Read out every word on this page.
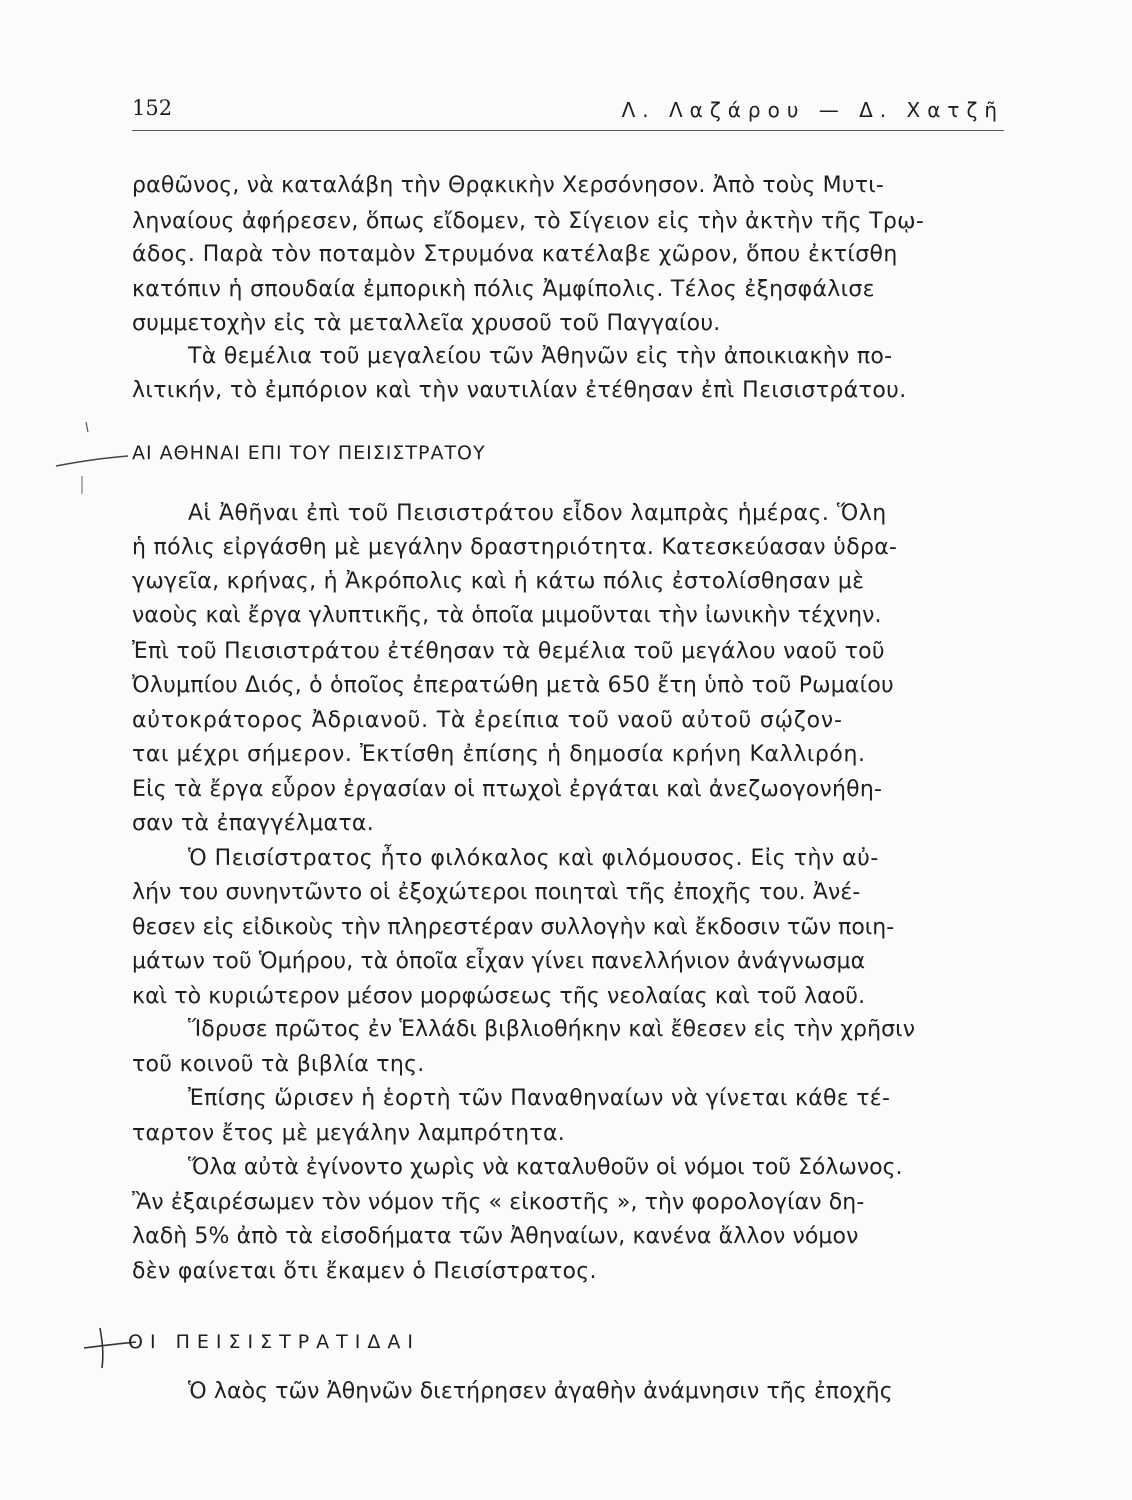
152	Λ. Λαζάρου — Δ. Χατζῆ
ραθῶνος, νὰ καταλάβη τὴν Θρᾳκικὴν Χερσόνησον. Ἀπὸ τοὺς Μυτι-
ληναίους ἀφήρεσεν, ὅπως εἴδομεν, τὸ Σίγειον εἰς τὴν ἀκτὴν τῆς Τρῳ-
άδος. Παρὰ τὸν ποταμὸν Στρυμόνα κατέλαβε χῶρον, ὅπου ἐκτίσθη
κατόπιν ἡ σπουδαία ἐμπορικὴ πόλις Ἀμφίπολις. Τέλος ἐξησφάλισε
συμμετοχὴν εἰς τὰ μεταλλεῖα χρυσοῦ τοῦ Παγγαίου.
Τὰ θεμέλια τοῦ μεγαλείου τῶν Ἀθηνῶν εἰς τὴν ἀποικιακὴν πο-
λιτικήν, τὸ ἐμπόριον καὶ τὴν ναυτιλίαν ἐτέθησαν ἐπὶ Πεισιστράτου.
ΑΙ ΑΘΗΝΑΙ ΕΠΙ ΤΟΥ ΠΕΙΣΙΣΤΡΑΤΟΥ
Αἱ Ἀθῆναι ἐπὶ τοῦ Πεισιστράτου εἶδον λαμπρὰς ἡμέρας. Ὅλη
ἡ πόλις εἰργάσθη μὲ μεγάλην δραστηριότητα. Κατεσκεύασαν ὑδρα-
γωγεῖα, κρήνας, ἡ Ἀκρόπολις καὶ ἡ κάτω πόλις ἐστολίσθησαν μὲ
ναοὺς καὶ ἔργα γλυπτικῆς, τὰ ὁποῖα μιμοῦνται τὴν ἰωνικὴν τέχνην.
Ἐπὶ τοῦ Πεισιστράτου ἐτέθησαν τὰ θεμέλια τοῦ μεγάλου ναοῦ τοῦ
Ὀλυμπίου Διός, ὁ ὁποῖος ἐπερατώθη μετὰ 650 ἔτη ὑπὸ τοῦ Ρωμαίου
αὐτοκράτορος Ἀδριανοῦ. Τὰ ἐρείπια τοῦ ναοῦ αὐτοῦ σῴζον-
ται μέχρι σήμερον. Ἐκτίσθη ἐπίσης ἡ δημοσία κρήνη Καλλιρόη.
Εἰς τὰ ἔργα εὗρον ἐργασίαν οἱ πτωχοὶ ἐργάται καὶ ἀνεζωογονήθη-
σαν τὰ ἐπαγγέλματα.
Ὁ Πεισίστρατος ἦτο φιλόκαλος καὶ φιλόμουσος. Εἰς τὴν αὐ-
λήν του συνηντῶντο οἱ ἐξοχώτεροι ποιηταὶ τῆς ἐποχῆς του. Ἀνέ-
θεσεν εἰς εἰδικοὺς τὴν πληρεστέραν συλλογὴν καὶ ἔκδοσιν τῶν ποιη-
μάτων τοῦ Ὁμήρου, τὰ ὁποῖα εἶχαν γίνει πανελλήνιον ἀνάγνωσμα
καὶ τὸ κυριώτερον μέσον μορφώσεως τῆς νεολαίας καὶ τοῦ λαοῦ.
Ἵδρυσε πρῶτος ἐν Ἑλλάδι βιβλιοθήκην καὶ ἔθεσεν εἰς τὴν χρῆσιν
τοῦ κοινοῦ τὰ βιβλία της.
Ἐπίσης ὥρισεν ἡ ἑορτὴ τῶν Παναθηναίων νὰ γίνεται κάθε τέ-
ταρτον ἔτος μὲ μεγάλην λαμπρότητα.
Ὅλα αὐτὰ ἐγίνοντο χωρὶς νὰ καταλυθοῦν οἱ νόμοι τοῦ Σόλωνος.
Ἂν ἐξαιρέσωμεν τὸν νόμον τῆς « εἰκοστῆς », τὴν φορολογίαν δη-
λαδὴ 5% ἀπὸ τὰ εἰσοδήματα τῶν Ἀθηναίων, κανένα ἄλλον νόμον
δὲν φαίνεται ὅτι ἔκαμεν ὁ Πεισίστρατος.
ΟΙ ΠΕΙΣΙΣΤΡΑΤΙΔΑΙ
Ὁ λαὸς τῶν Ἀθηνῶν διετήρησεν ἀγαθὴν ἀνάμνησιν τῆς ἐποχῆς
